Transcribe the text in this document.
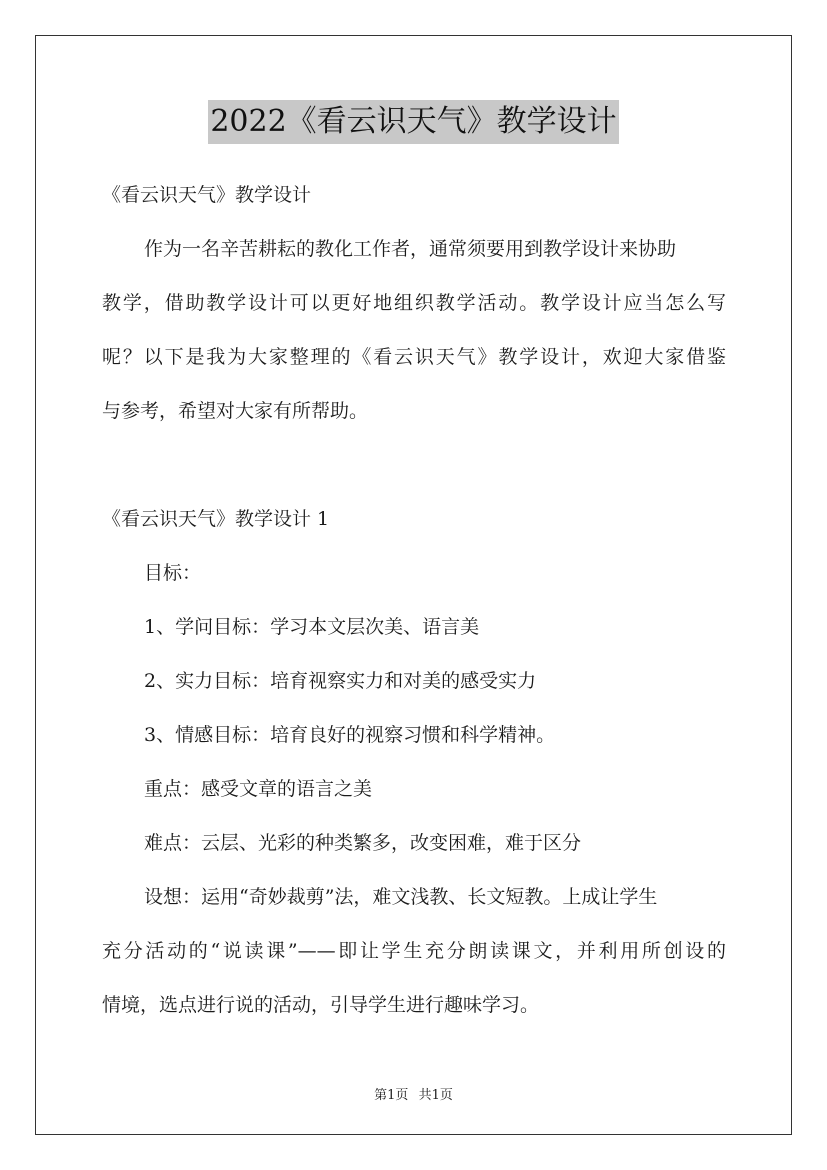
2022《看云识天气》教学设计
《看云识天气》教学设计
作为一名辛苦耕耘的教化工作者，通常须要用到教学设计来协助
教学，借助教学设计可以更好地组织教学活动。教学设计应当怎么写
呢？以下是我为大家整理的《看云识天气》教学设计，欢迎大家借鉴
与参考，希望对大家有所帮助。
《看云识天气》教学设计 1
目标：
1、学问目标：学习本文层次美、语言美
2、实力目标：培育视察实力和对美的感受实力
3、情感目标：培育良好的视察习惯和科学精神。
重点：感受文章的语言之美
难点：云层、光彩的种类繁多，改变困难，难于区分
设想：运用“奇妙裁剪”法，难文浅教、长文短教。上成让学生
充分活动的“说读课”——即让学生充分朗读课文，并利用所创设的
情境，选点进行说的活动，引导学生进行趣味学习。
第1页 共1页
